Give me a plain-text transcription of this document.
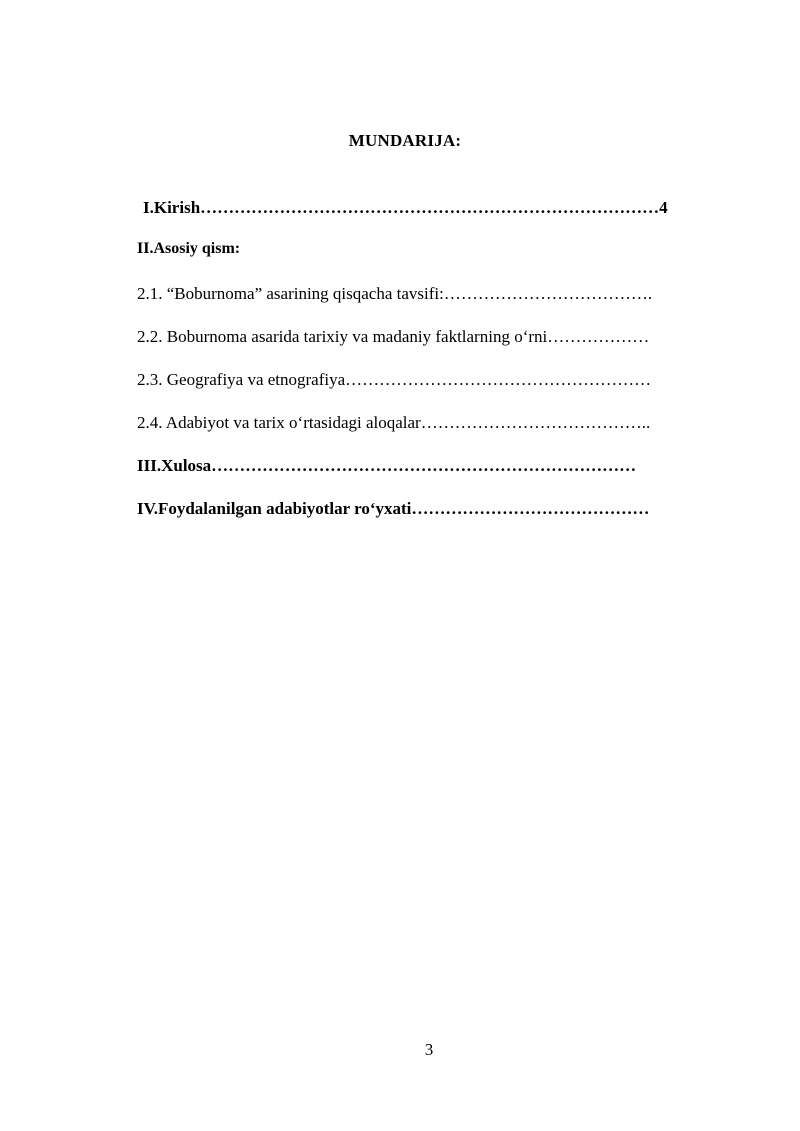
MUNDARIJA:
I.Kirish………………………………………………………………………4
II.Asosiy qism:
2.1. “Boburnoma” asarining qisqacha tavsifi:……………………………….
2.2. Boburnoma asarida tarixiy va madaniy faktlarning o‘rni………………
2.3. Geografiya va etnografiya………………………………………………
2.4. Adabiyot va tarix o‘rtasidagi aloqalar…………………………………..
III.Xulosa…………………………………………………………………
IV.Foydalanilgan adabiyotlar ro‘yxati……………………………………
3
